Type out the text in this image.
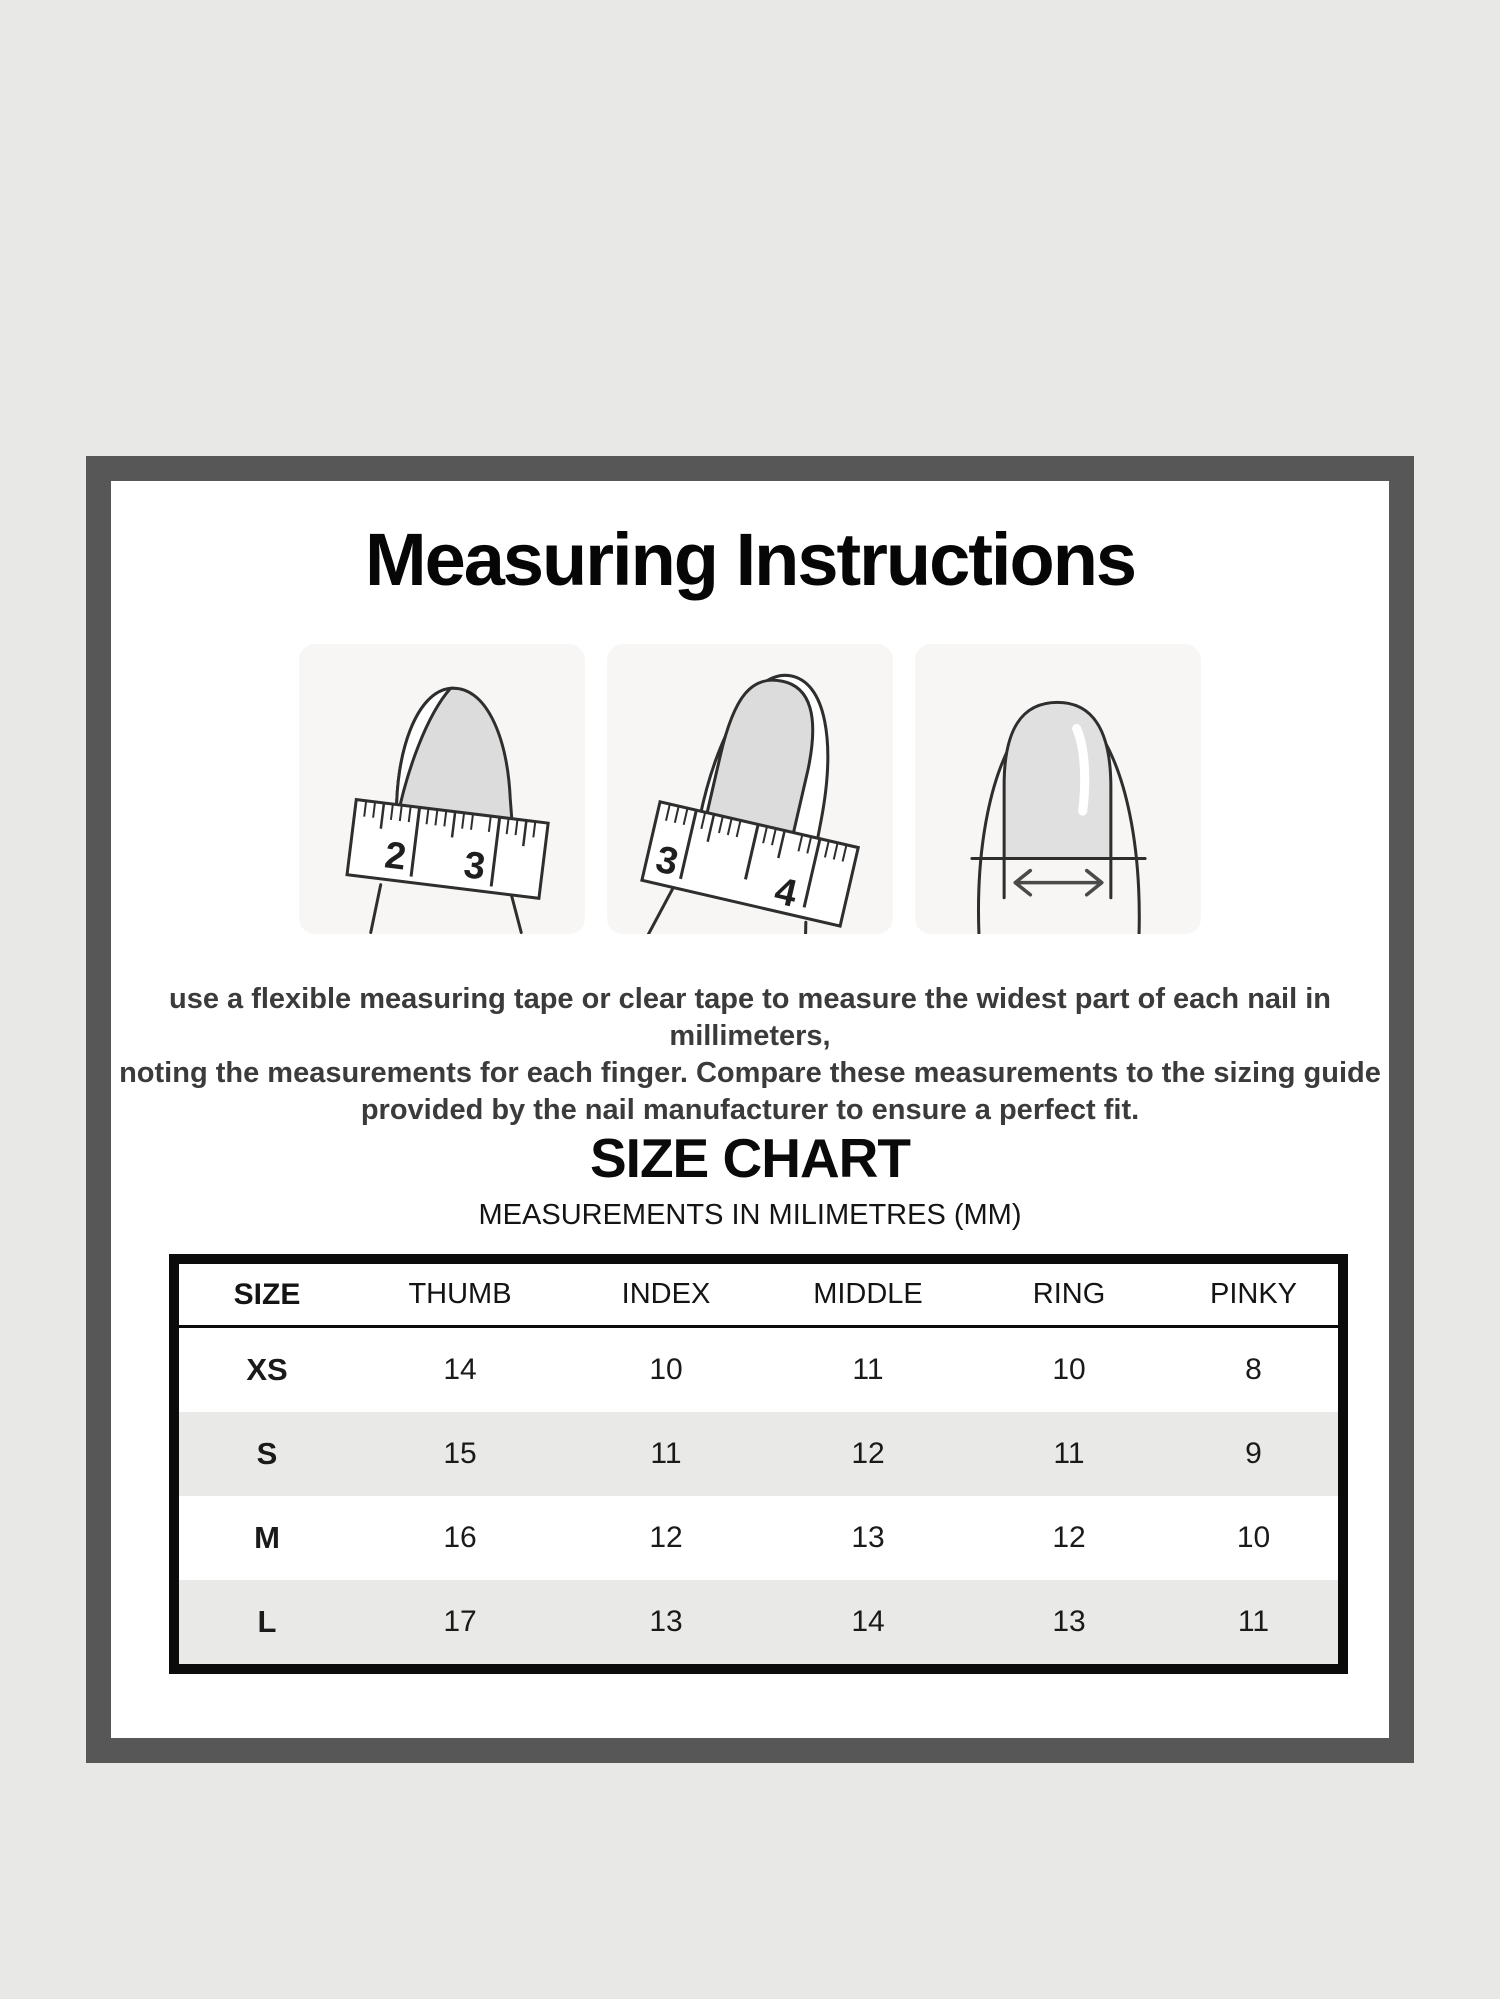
Measuring Instructions
2 3	3
4

use a flexible measuring tape or clear tape to measure the widest part of each nail in millimeters,
noting the measurements for each finger. Compare these measurements to the sizing guide
provided by the nail manufacturer to ensure a perfect fit.

SIZE CHART
MEASUREMENTS IN MILIMETRES (MM)
SIZE	THUMB	INDEX	MIDDLE	RING	PINKY
XS	14	10	11	10	8
S	15	11	12	11	9
M	16	12	13	12	10
L	17	13	14	13	11
